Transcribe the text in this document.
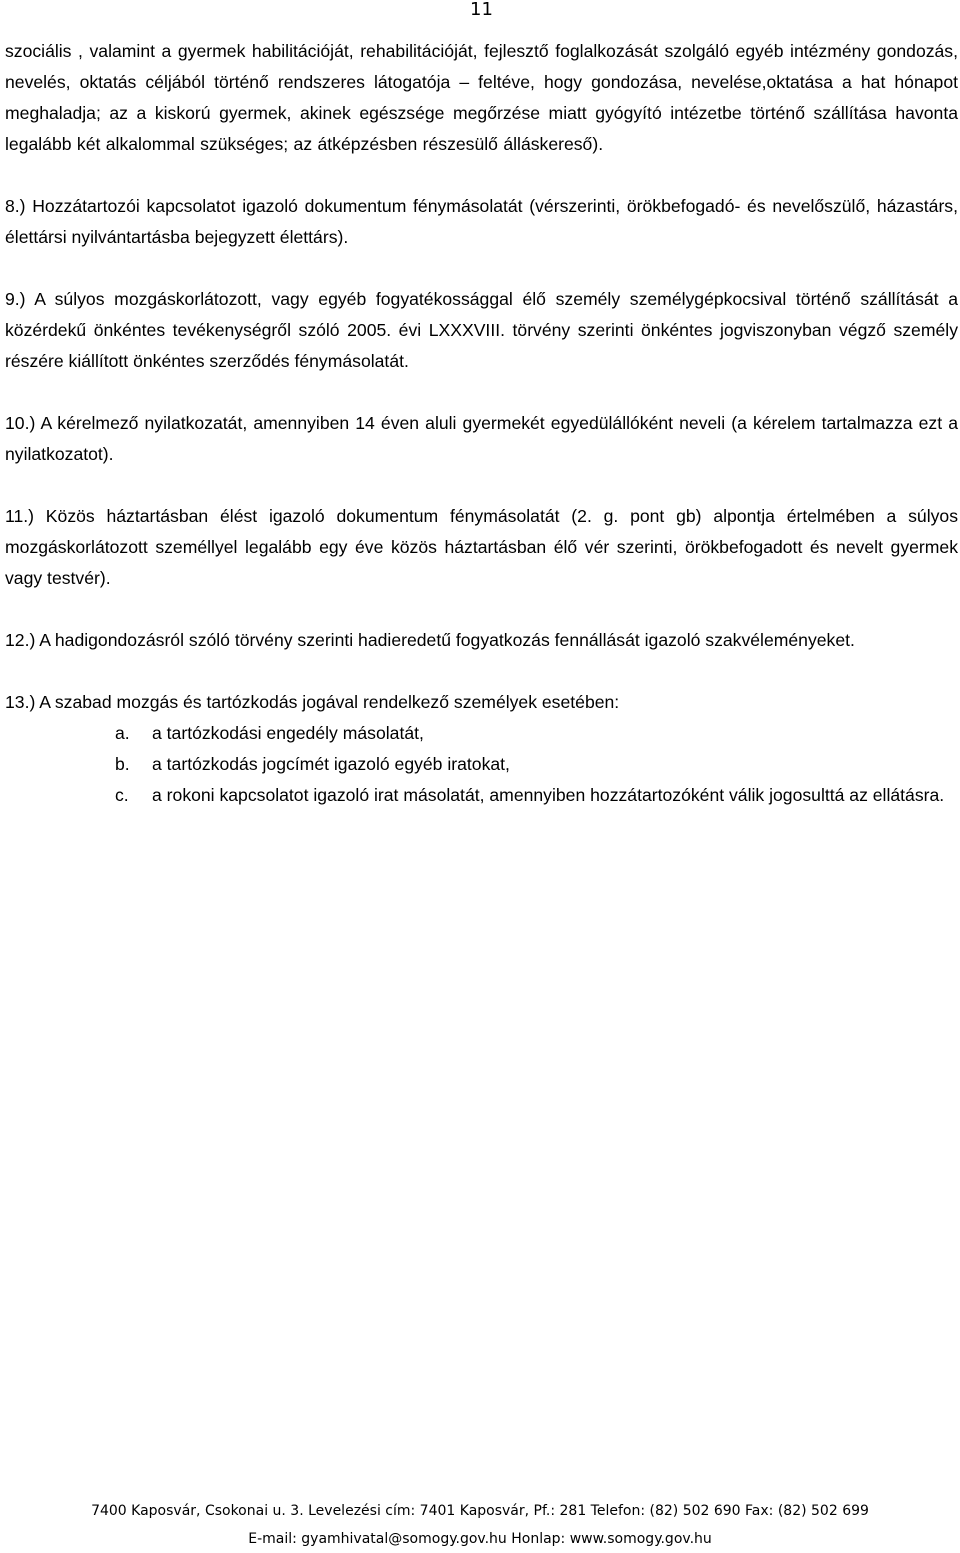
11

szociális , valamint a gyermek habilitációját, rehabilitációját, fejlesztő foglalkozását szolgáló egyéb intézmény gondozás, nevelés, oktatás céljából történő rendszeres látogatója – feltéve, hogy gondozása, nevelése,oktatása a hat hónapot meghaladja; az a kiskorú gyermek, akinek egészsége megőrzése miatt gyógyító intézetbe történő szállítása havonta legalább két alkalommal szükséges; az átképzésben részesülő álláskereső).

8.) Hozzátartozói kapcsolatot igazoló dokumentum fénymásolatát (vérszerinti, örökbefogadó- és nevelőszülő, házastárs, élettársi nyilvántartásba bejegyzett élettárs).

9.) A súlyos mozgáskorlátozott, vagy egyéb fogyatékossággal élő személy személygépkocsival történő szállítását a közérdekű önkéntes tevékenységről szóló 2005. évi LXXXVIII. törvény szerinti önkéntes jogviszonyban végző személy részére kiállított önkéntes szerződés fénymásolatát.

10.) A kérelmező nyilatkozatát, amennyiben 14 éven aluli gyermekét egyedülállóként neveli (a kérelem tartalmazza ezt a nyilatkozatot).

11.) Közös háztartásban élést igazoló dokumentum fénymásolatát (2. g. pont gb) alpontja értelmében a súlyos mozgáskorlátozott személlyel legalább egy éve közös háztartásban élő vér szerinti, örökbefogadott és nevelt gyermek vagy testvér).

12.) A hadigondozásról szóló törvény szerinti hadieredetű fogyatkozás fennállását igazoló szakvéleményeket.

13.) A szabad mozgás és tartózkodás jogával rendelkező személyek esetében:
a. a tartózkodási engedély másolatát,
b. a tartózkodás jogcímét igazoló egyéb iratokat,
c. a rokoni kapcsolatot igazoló irat másolatát, amennyiben hozzátartozóként válik jogosulttá az ellátásra.
7400 Kaposvár, Csokonai u. 3. Levelezési cím: 7401 Kaposvár, Pf.: 281 Telefon: (82) 502 690 Fax: (82) 502 699
E-mail: gyamhivatal@somogy.gov.hu Honlap: www.somogy.gov.hu
